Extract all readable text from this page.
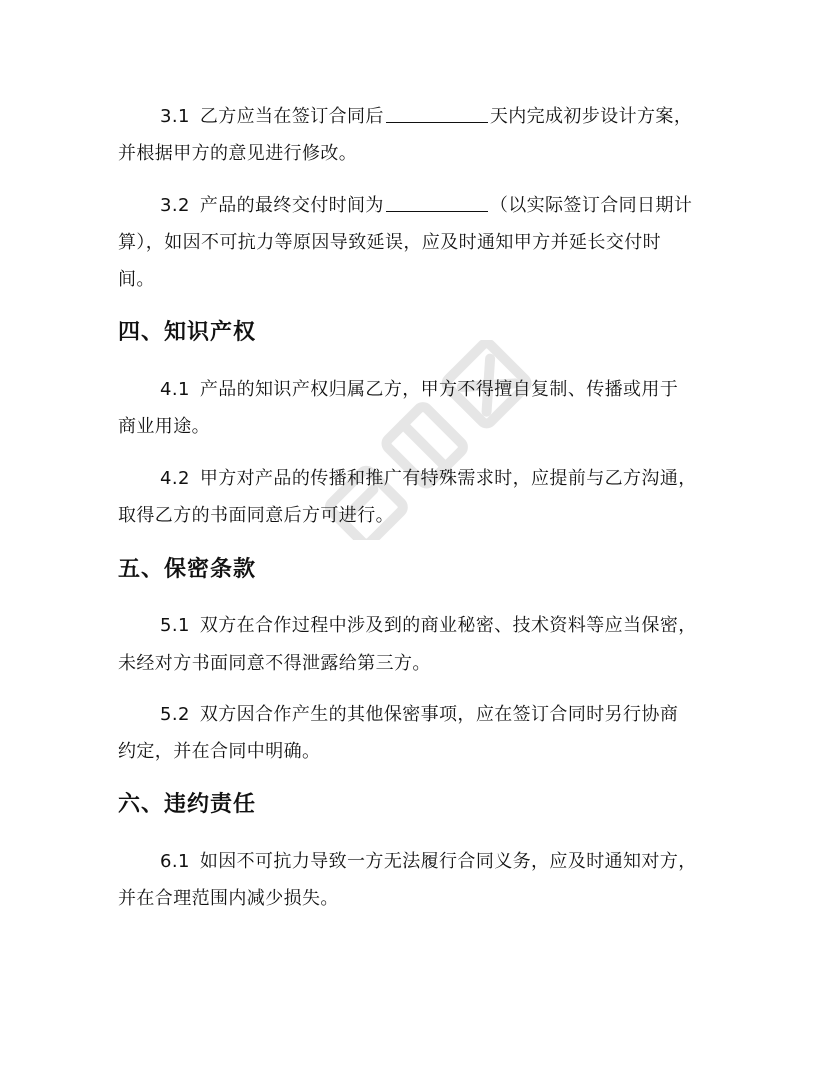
3.1 乙方应当在签订合同后	天内完成初步设计方案，
并根据甲方的意见进行修改。
3.2 产品的最终交付时间为	（以实际签订合同日期计
算），如因不可抗力等原因导致延误，应及时通知甲方并延长交付时
间。
四、知识产权
4.1 产品的知识产权归属乙方，甲方不得擅自复制、传播或用于
商业用途。
4.2 甲方对产品的传播和推广有特殊需求时，应提前与乙方沟通，
取得乙方的书面同意后方可进行。
五、保密条款
5.1 双方在合作过程中涉及到的商业秘密、技术资料等应当保密，
未经对方书面同意不得泄露给第三方。
5.2 双方因合作产生的其他保密事项，应在签订合同时另行协商
约定，并在合同中明确。
六、违约责任
6.1 如因不可抗力导致一方无法履行合同义务，应及时通知对方，
并在合理范围内减少损失。
